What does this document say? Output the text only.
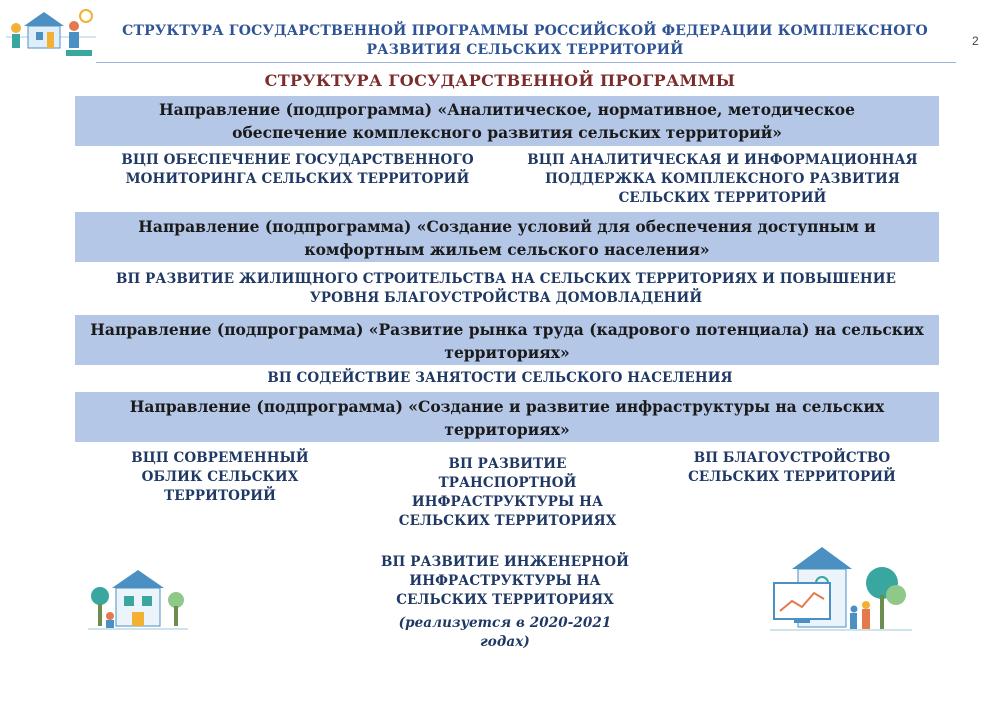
СТРУКТУРА ГОСУДАРСТВЕННОЙ ПРОГРАММЫ РОССИЙСКОЙ ФЕДЕРАЦИИ КОМПЛЕКСНОГО РАЗВИТИЯ СЕЛЬСКИХ ТЕРРИТОРИЙ
2
СТРУКТУРА ГОСУДАРСТВЕННОЙ ПРОГРАММЫ
Направление (подпрограмма) «Аналитическое, нормативное, методическое обеспечение комплексного развития сельских территорий»
ВЦП ОБЕСПЕЧЕНИЕ ГОСУДАРСТВЕННОГО МОНИТОРИНГА СЕЛЬСКИХ ТЕРРИТОРИЙ
ВЦП АНАЛИТИЧЕСКАЯ И ИНФОРМАЦИОННАЯ ПОДДЕРЖКА КОМПЛЕКСНОГО РАЗВИТИЯ СЕЛЬСКИХ ТЕРРИТОРИЙ
Направление (подпрограмма) «Создание условий для обеспечения доступным и комфортным жильем сельского населения»
ВП РАЗВИТИЕ ЖИЛИЩНОГО СТРОИТЕЛЬСТВА НА СЕЛЬСКИХ ТЕРРИТОРИЯХ И ПОВЫШЕНИЕ УРОВНЯ БЛАГОУСТРОЙСТВА ДОМОВЛАДЕНИЙ
Направление (подпрограмма) «Развитие рынка труда (кадрового потенциала) на сельских территориях»
ВП СОДЕЙСТВИЕ ЗАНЯТОСТИ СЕЛЬСКОГО НАСЕЛЕНИЯ
Направление (подпрограмма) «Создание и развитие инфраструктуры на сельских территориях»
ВЦП СОВРЕМЕННЫЙ ОБЛИК СЕЛЬСКИХ ТЕРРИТОРИЙ
ВП РАЗВИТИЕ ТРАНСПОРТНОЙ ИНФРАСТРУКТУРЫ НА СЕЛЬСКИХ ТЕРРИТОРИЯХ
ВП БЛАГОУСТРОЙСТВО СЕЛЬСКИХ ТЕРРИТОРИЙ
ВП РАЗВИТИЕ ИНЖЕНЕРНОЙ ИНФРАСТРУКТУРЫ НА СЕЛЬСКИХ ТЕРРИТОРИЯХ
(реализуется в 2020-2021 годах)
